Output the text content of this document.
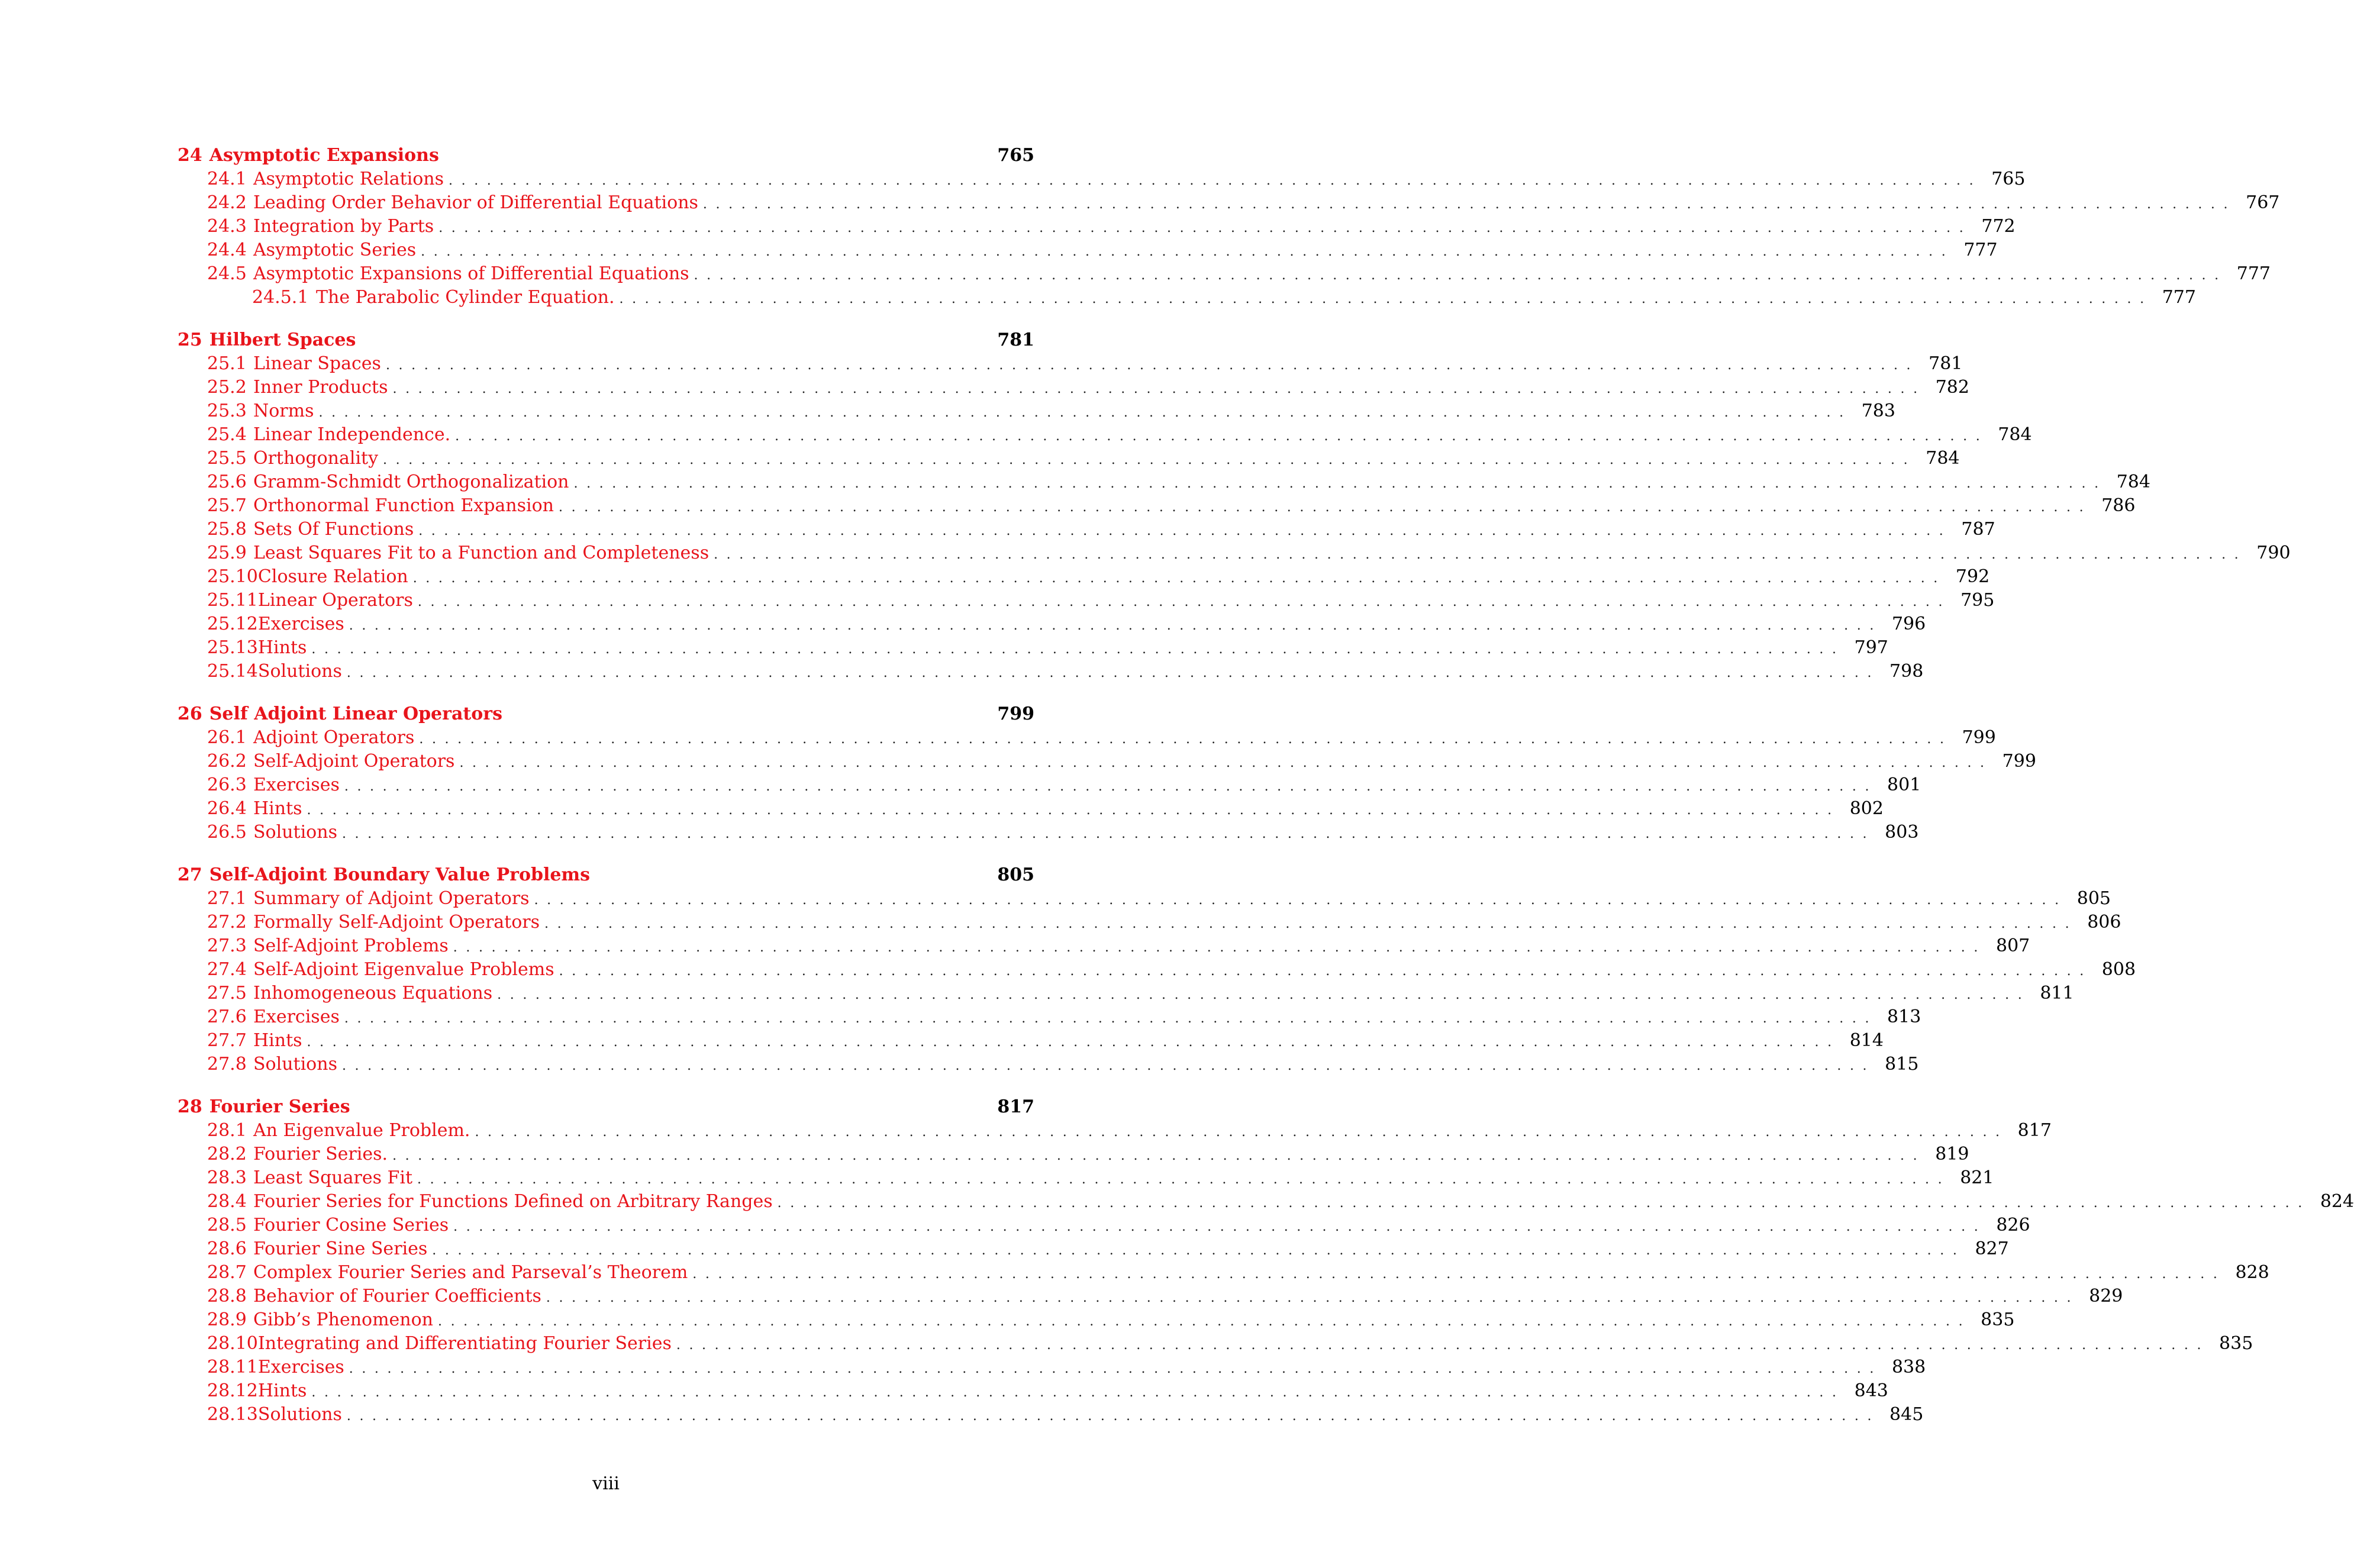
24 Asymptotic Expansions	765
24.1 Asymptotic Relations ........................................................................................................................ 765
24.2 Leading Order Behavior of Differential Equations ........................................................................................................................ 767
24.3 Integration by Parts ........................................................................................................................ 772
24.4 Asymptotic Series ........................................................................................................................ 777
24.5 Asymptotic Expansions of Differential Equations ........................................................................................................................ 777
24.5.1 The Parabolic Cylinder Equation. ........................................................................................................................ 777
25 Hilbert Spaces	781
25.1 Linear Spaces ........................................................................................................................ 781
25.2 Inner Products ........................................................................................................................ 782
25.3 Norms ........................................................................................................................ 783
25.4 Linear Independence. ........................................................................................................................ 784
25.5 Orthogonality ........................................................................................................................ 784
25.6 Gramm-Schmidt Orthogonalization ........................................................................................................................ 784
25.7 Orthonormal Function Expansion ........................................................................................................................ 786
25.8 Sets Of Functions ........................................................................................................................ 787
25.9 Least Squares Fit to a Function and Completeness ........................................................................................................................ 790
25.10 Closure Relation ........................................................................................................................ 792
25.11 Linear Operators ........................................................................................................................ 795
25.12 Exercises ........................................................................................................................ 796
25.13 Hints ........................................................................................................................ 797
25.14 Solutions ........................................................................................................................ 798
26 Self Adjoint Linear Operators	799
26.1 Adjoint Operators ........................................................................................................................ 799
26.2 Self-Adjoint Operators ........................................................................................................................ 799
26.3 Exercises ........................................................................................................................ 801
26.4 Hints ........................................................................................................................ 802
26.5 Solutions ........................................................................................................................ 803
27 Self-Adjoint Boundary Value Problems	805
27.1 Summary of Adjoint Operators ........................................................................................................................ 805
27.2 Formally Self-Adjoint Operators ........................................................................................................................ 806
27.3 Self-Adjoint Problems ........................................................................................................................ 807
27.4 Self-Adjoint Eigenvalue Problems ........................................................................................................................ 808
27.5 Inhomogeneous Equations ........................................................................................................................ 811
27.6 Exercises ........................................................................................................................ 813
27.7 Hints ........................................................................................................................ 814
27.8 Solutions ........................................................................................................................ 815
28 Fourier Series	817
28.1 An Eigenvalue Problem. ........................................................................................................................ 817
28.2 Fourier Series. ........................................................................................................................ 819
28.3 Least Squares Fit ........................................................................................................................ 821
28.4 Fourier Series for Functions Defined on Arbitrary Ranges ........................................................................................................................ 824
28.5 Fourier Cosine Series ........................................................................................................................ 826
28.6 Fourier Sine Series ........................................................................................................................ 827
28.7 Complex Fourier Series and Parseval’s Theorem ........................................................................................................................ 828
28.8 Behavior of Fourier Coefficients ........................................................................................................................ 829
28.9 Gibb’s Phenomenon ........................................................................................................................ 835
28.10 Integrating and Differentiating Fourier Series ........................................................................................................................ 835
28.11 Exercises ........................................................................................................................ 838
28.12 Hints ........................................................................................................................ 843
28.13 Solutions ........................................................................................................................ 845
viii
